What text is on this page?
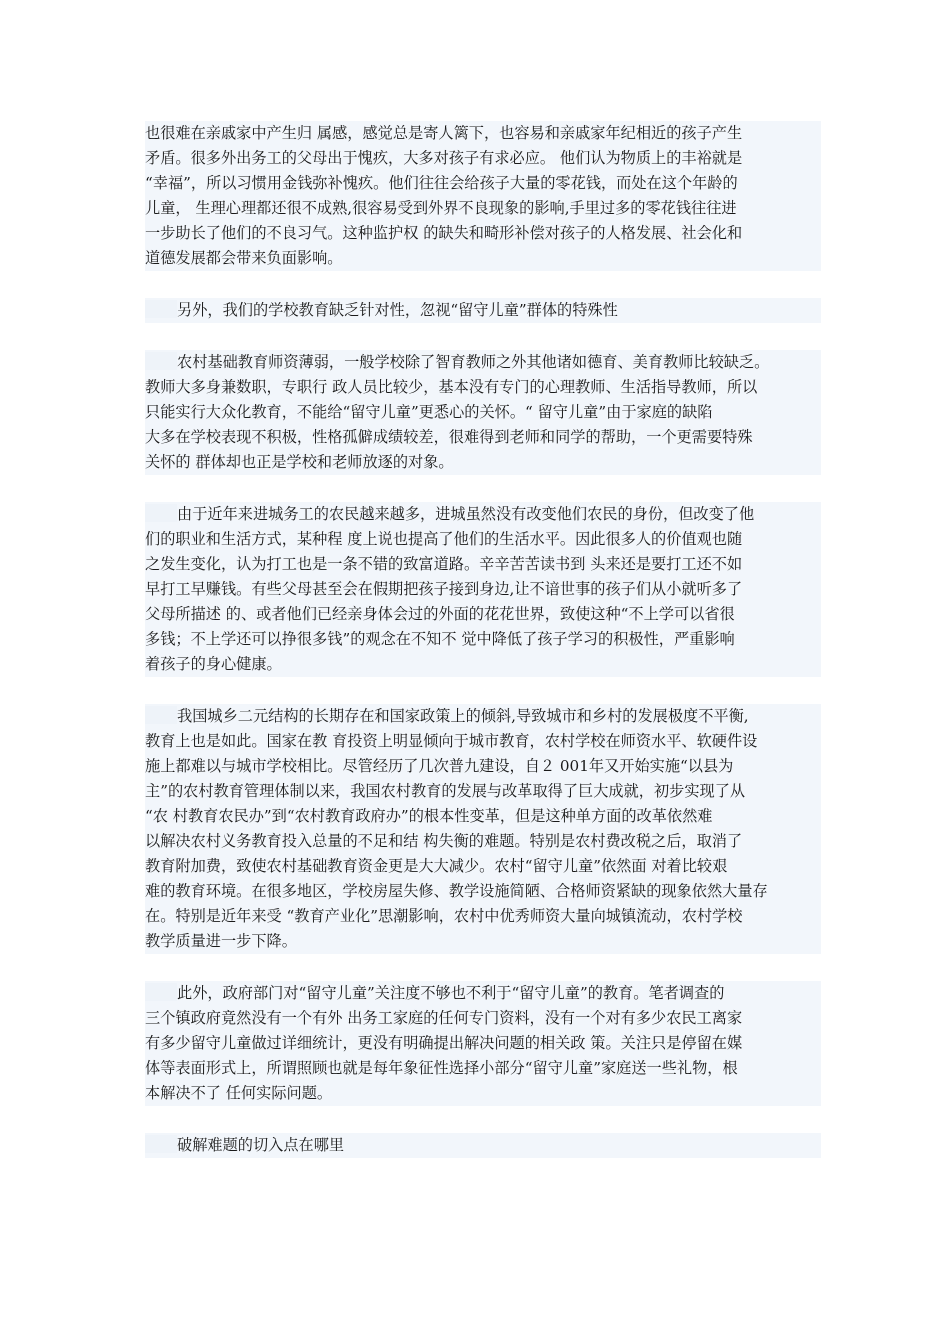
也很难在亲戚家中产生归 属感，感觉总是寄人篱下，也容易和亲戚家年纪相近的孩子产生
矛盾。很多外出务工的父母出于愧疚，大多对孩子有求必应。 他们认为物质上的丰裕就是
“幸福”，所以习惯用金钱弥补愧疚。他们往往会给孩子大量的零花钱，而处在这个年龄的
儿童， 生理心理都还很不成熟,很容易受到外界不良现象的影响,手里过多的零花钱往往进
一步助长了他们的不良习气。这种监护权 的缺失和畸形补偿对孩子的人格发展、社会化和
道德发展都会带来负面影响。
另外，我们的学校教育缺乏针对性，忽视“留守儿童”群体的特殊性
农村基础教育师资薄弱，一般学校除了智育教师之外其他诸如德育、美育教师比较缺乏。
教师大多身兼数职，专职行 政人员比较少，基本没有专门的心理教师、生活指导教师，所以
只能实行大众化教育，不能给“留守儿童”更悉心的关怀。“ 留守儿童”由于家庭的缺陷
大多在学校表现不积极，性格孤僻成绩较差，很难得到老师和同学的帮助，一个更需要特殊
关怀的 群体却也正是学校和老师放逐的对象。
由于近年来进城务工的农民越来越多，进城虽然没有改变他们农民的身份，但改变了他
们的职业和生活方式，某种程 度上说也提高了他们的生活水平。因此很多人的价值观也随
之发生变化，认为打工也是一条不错的致富道路。辛辛苦苦读书到 头来还是要打工还不如
早打工早赚钱。有些父母甚至会在假期把孩子接到身边,让不谙世事的孩子们从小就听多了
父母所描述 的、或者他们已经亲身体会过的外面的花花世界，致使这种“不上学可以省很
多钱；不上学还可以挣很多钱”的观念在不知不 觉中降低了孩子学习的积极性，严重影响
着孩子的身心健康。
我国城乡二元结构的长期存在和国家政策上的倾斜,导致城市和乡村的发展极度不平衡,
教育上也是如此。国家在教 育投资上明显倾向于城市教育，农村学校在师资水平、软硬件设
施上都难以与城市学校相比。尽管经历了几次普九建设，自２ 001年又开始实施“以县为
主”的农村教育管理体制以来，我国农村教育的发展与改革取得了巨大成就，初步实现了从
“农 村教育农民办”到“农村教育政府办”的根本性变革，但是这种单方面的改革依然难
以解决农村义务教育投入总量的不足和结 构失衡的难题。特别是农村费改税之后，取消了
教育附加费，致使农村基础教育资金更是大大减少。农村“留守儿童”依然面 对着比较艰
难的教育环境。在很多地区，学校房屋失修、教学设施简陋、合格师资紧缺的现象依然大量存
在。特别是近年来受 “教育产业化”思潮影响，农村中优秀师资大量向城镇流动，农村学校
教学质量进一步下降。
此外，政府部门对“留守儿童”关注度不够也不利于“留守儿童”的教育。笔者调查的
三个镇政府竟然没有一个有外 出务工家庭的任何专门资料，没有一个对有多少农民工离家
有多少留守儿童做过详细统计，更没有明确提出解决问题的相关政 策。关注只是停留在媒
体等表面形式上，所谓照顾也就是每年象征性选择小部分“留守儿童”家庭送一些礼物，根
本解决不了 任何实际问题。
破解难题的切入点在哪里
